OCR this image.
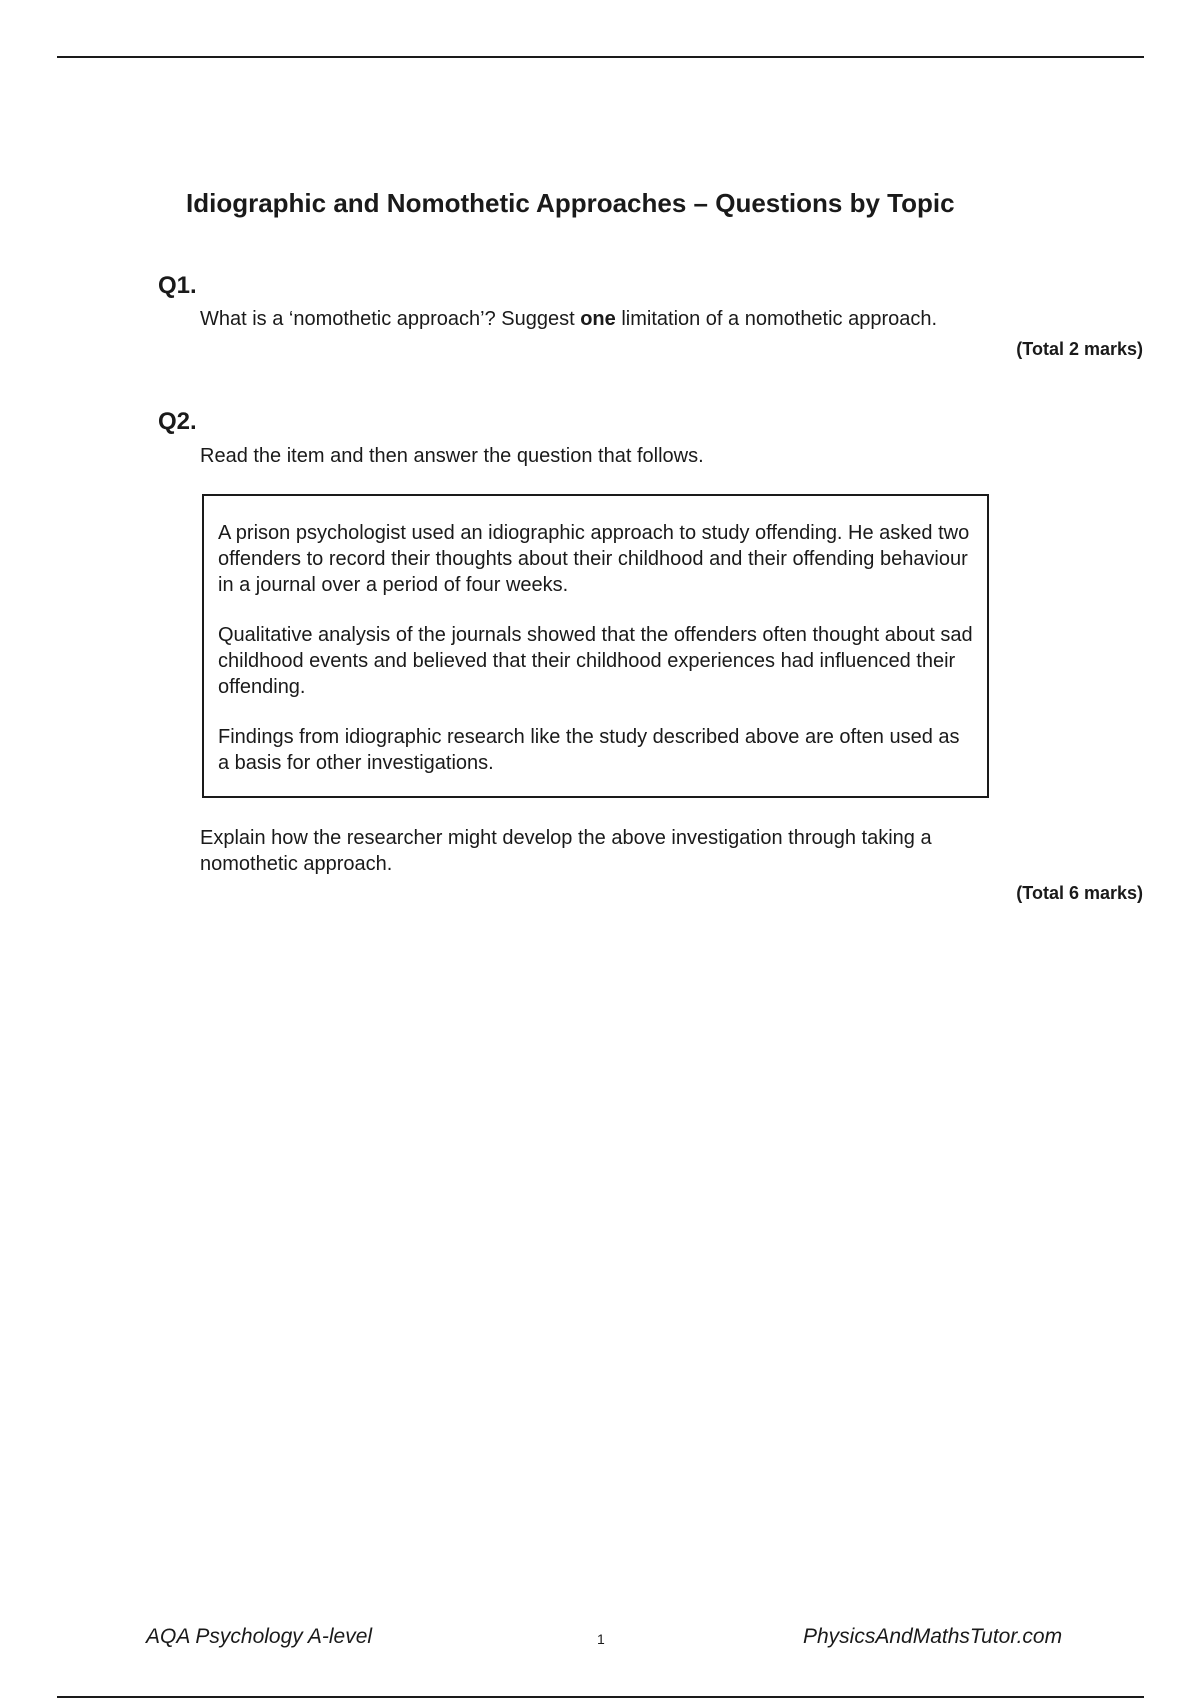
Idiographic and Nomothetic Approaches – Questions by Topic
Q1.
What is a ‘nomothetic approach’? Suggest one limitation of a nomothetic approach.
(Total 2 marks)
Q2.
Read the item and then answer the question that follows.

A prison psychologist used an idiographic approach to study offending. He asked two offenders to record their thoughts about their childhood and their offending behaviour in a journal over a period of four weeks.

Qualitative analysis of the journals showed that the offenders often thought about sad childhood events and believed that their childhood experiences had influenced their offending.

Findings from idiographic research like the study described above are often used as a basis for other investigations.

Explain how the researcher might develop the above investigation through taking a nomothetic approach.
(Total 6 marks)
AQA Psychology A-level	1	PhysicsAndMathsTutor.com
